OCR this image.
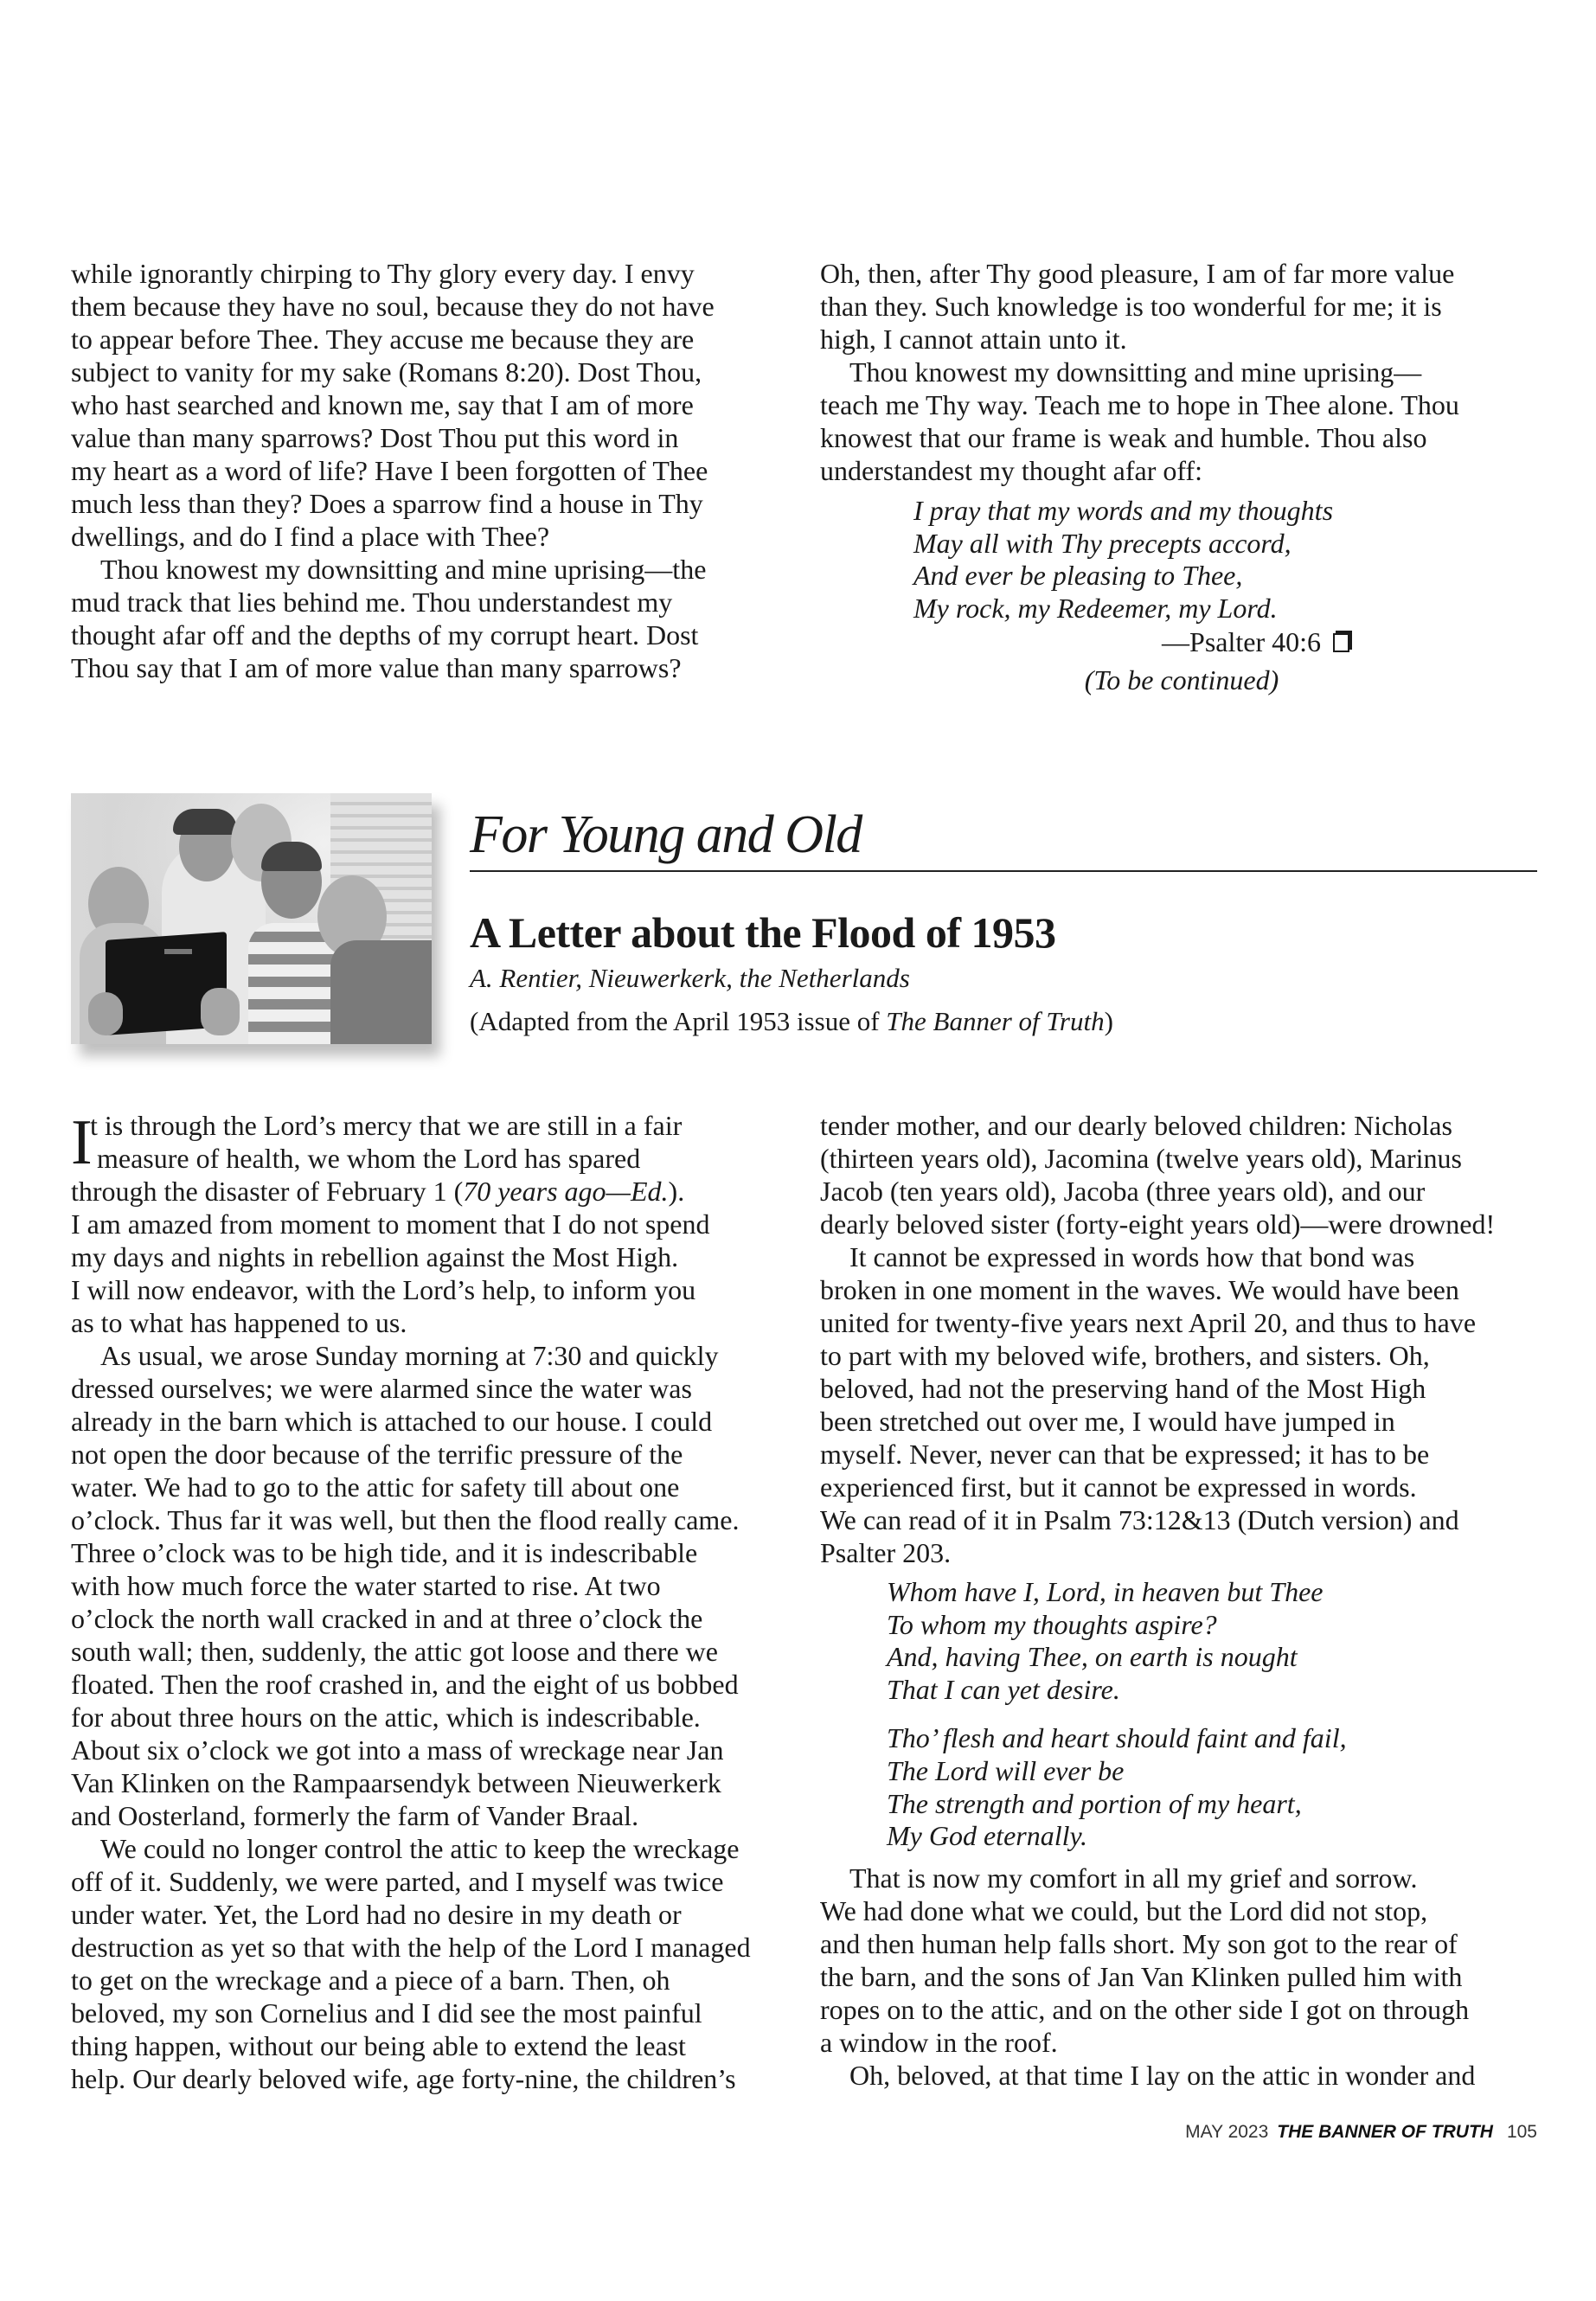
while ignorantly chirping to Thy glory every day. I envy
them because they have no soul, because they do not have
to appear before Thee. They accuse me because they are
subject to vanity for my sake (Romans 8:20). Dost Thou,
who hast searched and known me, say that I am of more
value than many sparrows? Dost Thou put this word in
my heart as a word of life? Have I been forgotten of Thee
much less than they? Does a sparrow find a house in Thy
dwellings, and do I find a place with Thee?
Thou knowest my downsitting and mine uprising—the
mud track that lies behind me. Thou understandest my
thought afar off and the depths of my corrupt heart. Dost
Thou say that I am of more value than many sparrows?
Oh, then, after Thy good pleasure, I am of far more value
than they. Such knowledge is too wonderful for me; it is
high, I cannot attain unto it.
Thou knowest my downsitting and mine uprising—
teach me Thy way. Teach me to hope in Thee alone. Thou
knowest that our frame is weak and humble. Thou also
understandest my thought afar off:
I pray that my words and my thoughts
May all with Thy precepts accord,
And ever be pleasing to Thee,
My rock, my Redeemer, my Lord.
—Psalter 40:6
(To be continued)
For Young and Old
A Letter about the Flood of 1953
A. Rentier, Nieuwerkerk, the Netherlands
(Adapted from the April 1953 issue of The Banner of Truth)
I
t is through the Lord’s mercy that we are still in a fair
measure of health, we whom the Lord has spared
through the disaster of February 1 (70 years ago—Ed.).
I am amazed from moment to moment that I do not spend
my days and nights in rebellion against the Most High.
I will now endeavor, with the Lord’s help, to inform you
as to what has happened to us.
As usual, we arose Sunday morning at 7:30 and quickly
dressed ourselves; we were alarmed since the water was
already in the barn which is attached to our house. I could
not open the door because of the terrific pressure of the
water. We had to go to the attic for safety till about one
o’clock. Thus far it was well, but then the flood really came.
Three o’clock was to be high tide, and it is indescribable
with how much force the water started to rise. At two
o’clock the north wall cracked in and at three o’clock the
south wall; then, suddenly, the attic got loose and there we
floated. Then the roof crashed in, and the eight of us bobbed
for about three hours on the attic, which is indescribable.
About six o’clock we got into a mass of wreckage near Jan
Van Klinken on the Rampaarsendyk between Nieuwerkerk
and Oosterland, formerly the farm of Vander Braal.
We could no longer control the attic to keep the wreckage
off of it. Suddenly, we were parted, and I myself was twice
under water. Yet, the Lord had no desire in my death or
destruction as yet so that with the help of the Lord I managed
to get on the wreckage and a piece of a barn. Then, oh
beloved, my son Cornelius and I did see the most painful
thing happen, without our being able to extend the least
help. Our dearly beloved wife, age forty-nine, the children’s
tender mother, and our dearly beloved children: Nicholas
(thirteen years old), Jacomina (twelve years old), Marinus
Jacob (ten years old), Jacoba (three years old), and our
dearly beloved sister (forty-eight years old)—were drowned!
It cannot be expressed in words how that bond was
broken in one moment in the waves. We would have been
united for twenty-five years next April 20, and thus to have
to part with my beloved wife, brothers, and sisters. Oh,
beloved, had not the preserving hand of the Most High
been stretched out over me, I would have jumped in
myself. Never, never can that be expressed; it has to be
experienced first, but it cannot be expressed in words.
We can read of it in Psalm 73:12&13 (Dutch version) and
Psalter 203.
Whom have I, Lord, in heaven but Thee
To whom my thoughts aspire?
And, having Thee, on earth is nought
That I can yet desire.
Tho’ flesh and heart should faint and fail,
The Lord will ever be
The strength and portion of my heart,
My God eternally.
That is now my comfort in all my grief and sorrow.
We had done what we could, but the Lord did not stop,
and then human help falls short. My son got to the rear of
the barn, and the sons of Jan Van Klinken pulled him with
ropes on to the attic, and on the other side I got on through
a window in the roof.
Oh, beloved, at that time I lay on the attic in wonder and
MAY 2023 THE BANNER OF TRUTH 105
